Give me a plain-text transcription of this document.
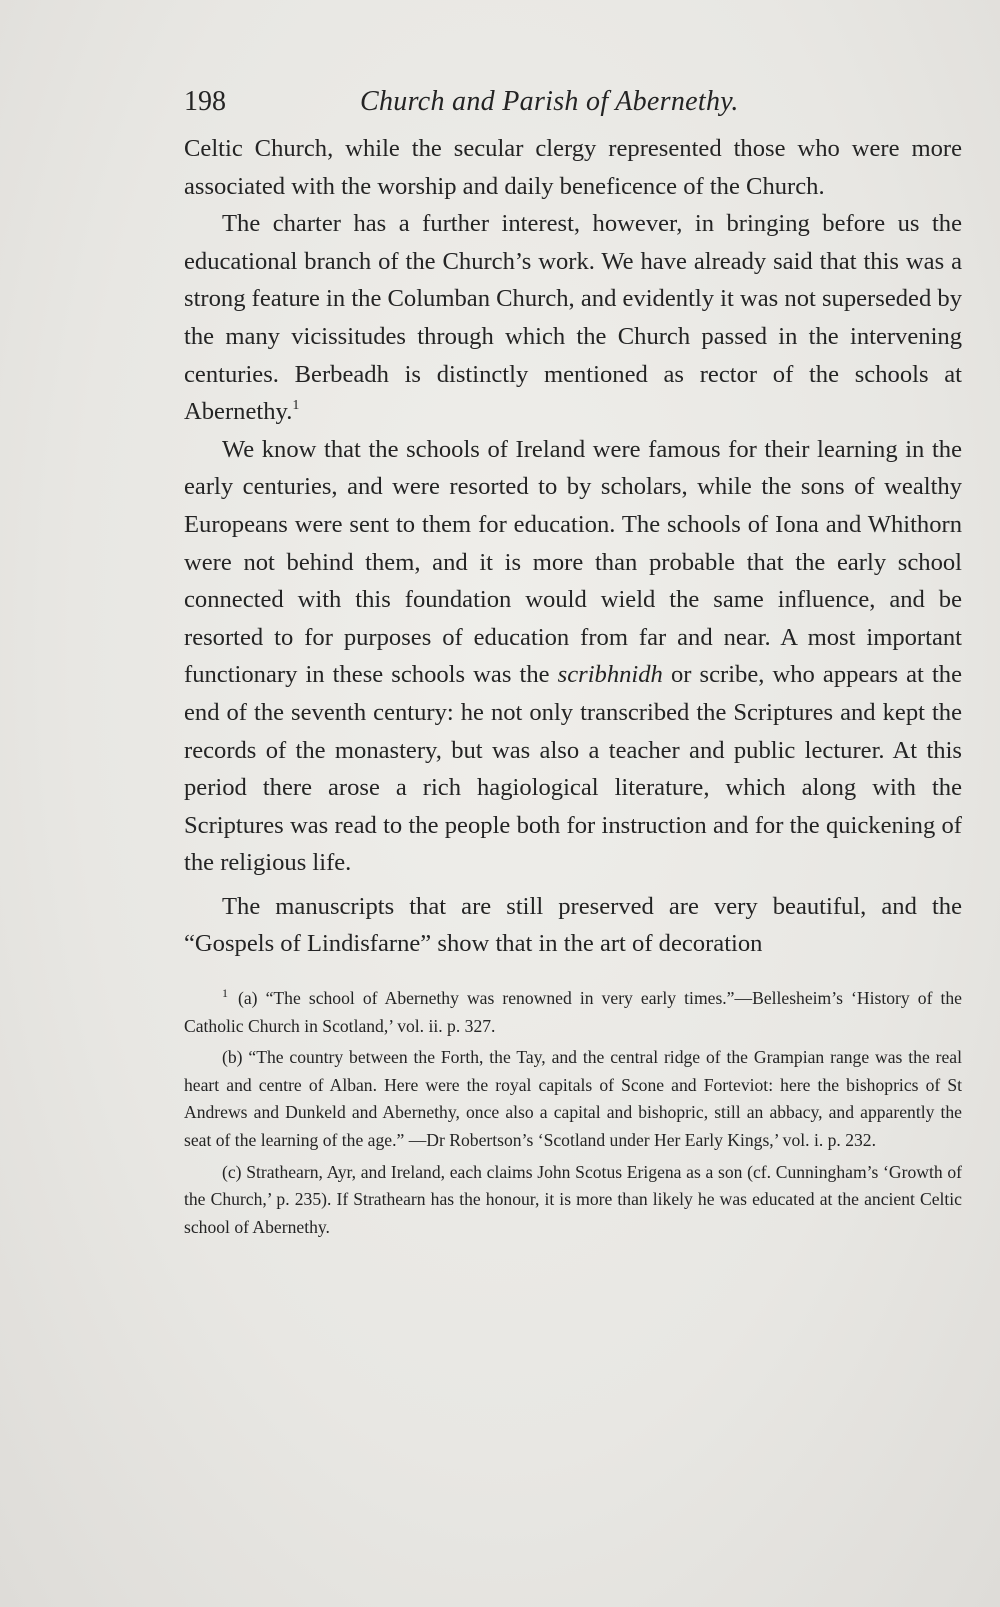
198	Church and Parish of Abernethy.

Celtic Church, while the secular clergy represented those who were more associated with the worship and daily beneficence of the Church.

The charter has a further interest, however, in bringing before us the educational branch of the Church’s work. We have already said that this was a strong feature in the Columban Church, and evidently it was not superseded by the many vicissitudes through which the Church passed in the intervening centuries. Berbeadh is distinctly mentioned as rector of the schools at Abernethy.$^1$

We know that the schools of Ireland were famous for their learning in the early centuries, and were resorted to by scholars, while the sons of wealthy Europeans were sent to them for education. The schools of Iona and Whithorn were not behind them, and it is more than probable that the early school connected with this foundation would wield the same influence, and be resorted to for purposes of education from far and near. A most important functionary in these schools was the scribhnidh or scribe, who appears at the end of the seventh century: he not only transcribed the Scriptures and kept the records of the monastery, but was also a teacher and public lecturer. At this period there arose a rich hagiological literature, which along with the Scriptures was read to the people both for instruction and for the quickening of the religious life.

The manuscripts that are still preserved are very beautiful, and the “Gospels of Lindisfarne” show that in the art of decoration

$^1$ (a) “The school of Abernethy was renowned in very early times.”—Bellesheim’s ‘History of the Catholic Church in Scotland,’ vol. ii. p. 327.

(b) “The country between the Forth, the Tay, and the central ridge of the Grampian range was the real heart and centre of Alban. Here were the royal capitals of Scone and Forteviot: here the bishoprics of St Andrews and Dunkeld and Abernethy, once also a capital and bishopric, still an abbacy, and apparently the seat of the learning of the age.” —Dr Robertson’s ‘Scotland under Her Early Kings,’ vol. i. p. 232.

(c) Strathearn, Ayr, and Ireland, each claims John Scotus Erigena as a son (cf. Cunningham’s ‘Growth of the Church,’ p. 235). If Strathearn has the honour, it is more than likely he was educated at the ancient Celtic school of Abernethy.
